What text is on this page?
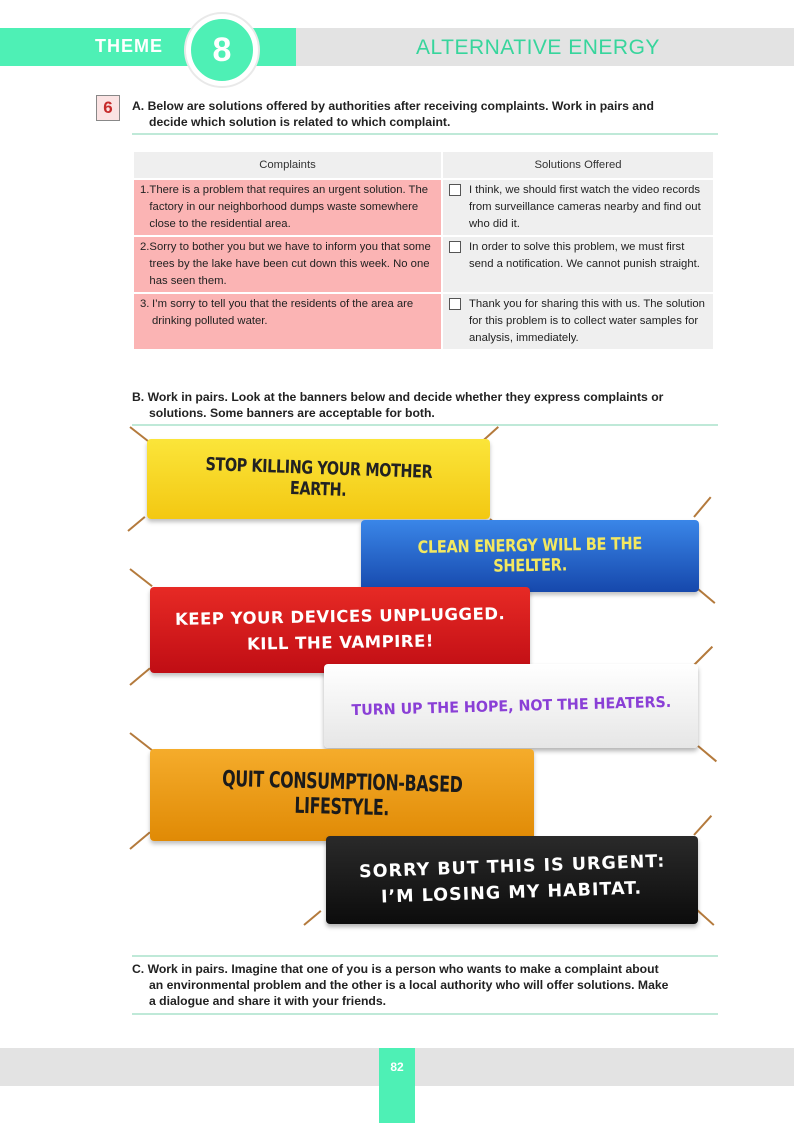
THEME 8	ALTERNATIVE ENERGY
6	A. Below are solutions offered by authorities after receiving complaints. Work in pairs and
decide which solution is related to which complaint.
Complaints	Solutions Offered

1. There is a problem that requires an urgent solution. The factory in our neighborhood dumps waste somewhere close to the residential area.	I think, we should first watch the video records from surveillance cameras nearby and find out who did it.

2. Sorry to bother you but we have to inform you that some trees by the lake have been cut down this week. No one has seen them.	In order to solve this problem, we must first send a notification. We cannot punish straight.

3. I’m sorry to tell you that the residents of the area are drinking polluted water.	Thank you for sharing this with us. The solution for this problem is to collect water samples for analysis, immediately.
B. Work in pairs. Look at the banners below and decide whether they express complaints or
solutions. Some banners are acceptable for both.
STOP KILLING YOUR MOTHER EARTH.
CLEAN ENERGY WILL BE THE SHELTER.
KEEP YOUR DEVICES UNPLUGGED.
KILL THE VAMPIRE!
TURN UP THE HOPE, NOT THE HEATERS.
QUIT CONSUMPTION-BASED LIFESTYLE.
SORRY BUT THIS IS URGENT:
I’M LOSING MY HABITAT.
C. Work in pairs. Imagine that one of you is a person who wants to make a complaint about
an environmental problem and the other is a local authority who will offer solutions. Make
a dialogue and share it with your friends.
82
